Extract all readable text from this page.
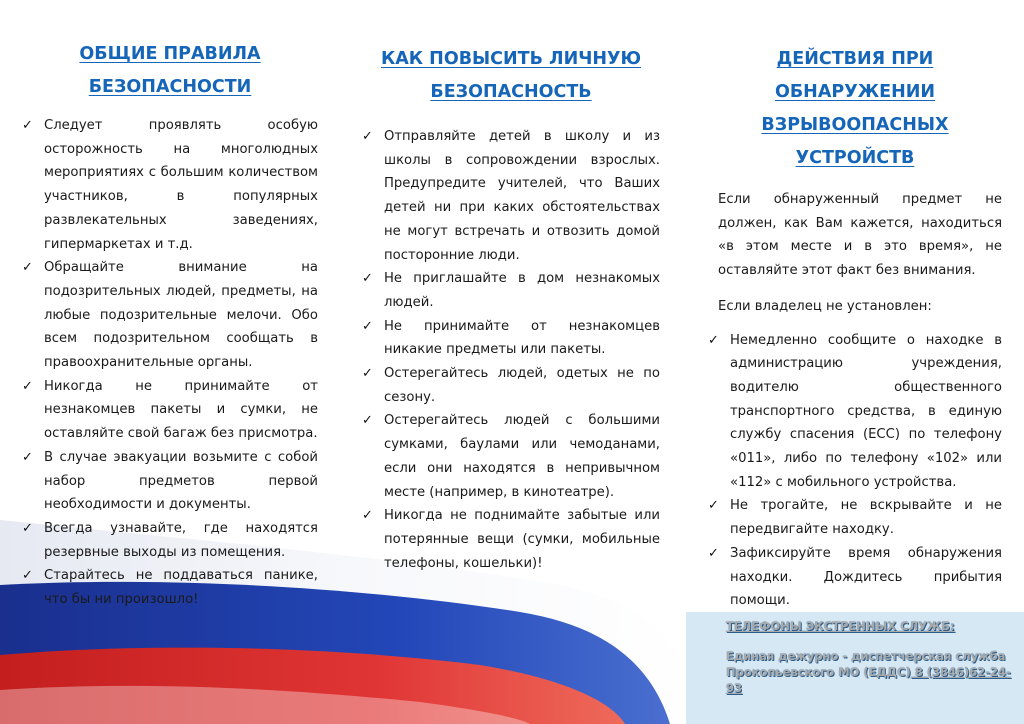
ОБЩИЕ ПРАВИЛА БЕЗОПАСНОСТИ
✓ Следует проявлять особую осторожность на многолюдных мероприятиях с большим количеством участников, в популярных развлекательных заведениях, гипермаркетах и т.д.
✓ Обращайте внимание на подозрительных людей, предметы, на любые подозрительные мелочи. Обо всем подозрительном сообщать в правоохранительные органы.
✓ Никогда не принимайте от незнакомцев пакеты и сумки, не оставляйте свой багаж без присмотра.
✓ В случае эвакуации возьмите с собой набор предметов первой необходимости и документы.
✓ Всегда узнавайте, где находятся резервные выходы из помещения.
✓ Старайтесь не поддаваться панике, что бы ни произошло!
КАК ПОВЫСИТЬ ЛИЧНУЮ БЕЗОПАСНОСТЬ
✓ Отправляйте детей в школу и из школы в сопровождении взрослых. Предупредите учителей, что Ваших детей ни при каких обстоятельствах не могут встречать и отвозить домой посторонние люди.
✓ Не приглашайте в дом незнакомых людей.
✓ Не принимайте от незнакомцев никакие предметы или пакеты.
✓ Остерегайтесь людей, одетых не по сезону.
✓ Остерегайтесь людей с большими сумками, баулами или чемоданами, если они находятся в непривычном месте (например, в кинотеатре).
✓ Никогда не поднимайте забытые или потерянные вещи (сумки, мобильные телефоны, кошельки)!
ДЕЙСТВИЯ ПРИ ОБНАРУЖЕНИИ ВЗРЫВООПАСНЫХ УСТРОЙСТВ

Если обнаруженный предмет не должен, как Вам кажется, находиться «в этом месте и в это время», не оставляйте этот факт без внимания.

Если владелец не установлен:

✓ Немедленно сообщите о находке в администрацию учреждения, водителю общественного транспортного средства, в единую службу спасения (ЕСС) по телефону «011», либо по телефону «102» или «112» с мобильного устройства.
✓ Не трогайте, не вскрывайте и не передвигайте находку.
✓ Зафиксируйте время обнаружения находки. Дождитесь прибытия помощи.
ТЕЛЕФОНЫ ЭКСТРЕННЫХ СЛУЖБ:
Единая дежурно - диспетчерская служба Прокопьевского МО (ЕДДС) 8 (3846)62-24-93
